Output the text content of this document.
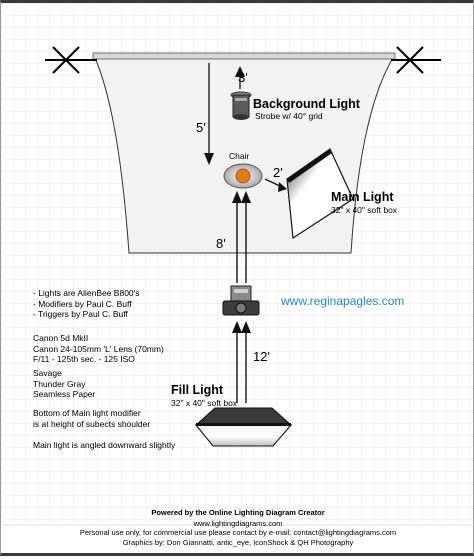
3'
5'
2'
8'
12'
Background Light
Strobe w/ 40° grid
Chair
Main Light
32" x 40" soft box
Fill Light
32" x 40" soft box
www.reginapagles.com
- Lights are AlienBee B800's
- Modifiers by Paul C. Buff
- Triggers by Paul C. Buff
Canon 5d MkII
Canon 24-105mm 'L' Lens (70mm)
F/11 - 125th sec. - 125 ISO
Savage
Thunder Gray
Seamless Paper
Bottom of Main light modifier
is at height of subects shoulder
Main light is angled downward slightly
Powered by the Online Lighting Diagram Creator
www.lightingdiagrams.com
Personal use only, for commercial use please contact by e-mail: contact@lightingdiagrams.com
Graphics by: Don Giannatti, antic_eye, IconShock & QH Photography
